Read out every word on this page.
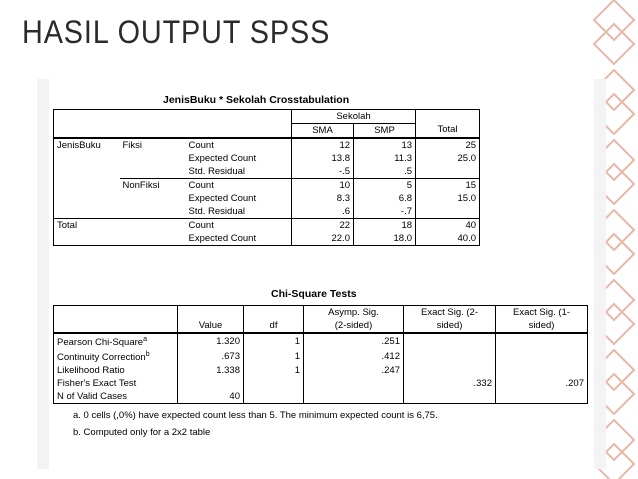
HASIL OUTPUT SPSS
JenisBuku * Sekolah Crosstabulation
			Sekolah		
			SMA	SMP	Total
JenisBuku	Fiksi	Count	12	13	25
		Expected Count	13.8	11.3	25.0
		Std. Residual	-.5	.5	
	NonFiksi	Count	10	5	15
		Expected Count	8.3	6.8	15.0
		Std. Residual	.6	-.7	
Total		Count	22	18	40
		Expected Count	22.0	18.0	40.0
Chi-Square Tests
			Asymp. Sig.	Exact Sig. (2-	Exact Sig. (1-
	Value	df	(2-sided)	sided)	sided)
Pearson Chi-Square$^a$	1.320	1	.251		
Continuity Correction$^b$	.673	1	.412		
Likelihood Ratio	1.338	1	.247		
Fisher's Exact Test				.332	.207
N of Valid Cases	40				
a. 0 cells (,0%) have expected count less than 5. The minimum expected count is 6,75.
b. Computed only for a 2x2 table
